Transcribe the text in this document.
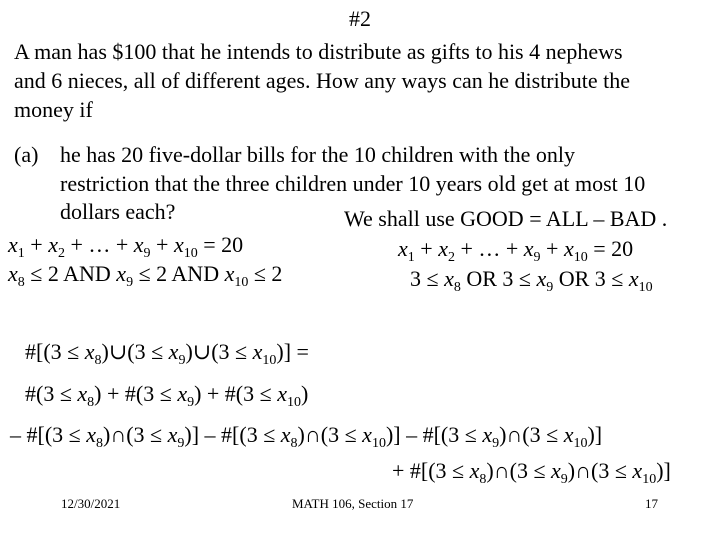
#2
A man has $100 that he intends to distribute as gifts to his 4 nephews
and 6 nieces, all of different ages. How any ways can he distribute the
money if
(a) he has 20 five-dollar bills for the 10 children with the only
restriction that the three children under 10 years old get at most 10
dollars each?	We shall use GOOD = ALL – BAD .
$x_1 + x_2$ + … + $x_9 + x_{10} = 20$	$x_1 + x_2$ + … + $x_9 + x_{10} = 20$
$x_8 \le 2$ AND $x_9 \le 2$ AND $x_{10} \le 2$	$3 \le x_8$ OR $3 \le x_9$ OR $3 \le x_{10}$
#[(3 ≤ $x_8)\cup(3$ ≤ $x_9)\cup(3 \le x_{10})$] =
#(3 ≤ $x_8$) + #(3 ≤ $x_9$) + #(3 ≤ $x_{10}$)
– #[(3 ≤ $x_8)\cap(3 \le x_9)$] – #[(3 ≤ $x_8)\cap(3 \le x_{10})$] – #[(3 ≤ $x_9)\cap(3 \le x_{10})$]
+ #[(3 ≤ $x_8)\cap(3$ ≤ $x_9)\cap(3 \le x_{10})$]
12/30/2021	MATH 106, Section 17	17
